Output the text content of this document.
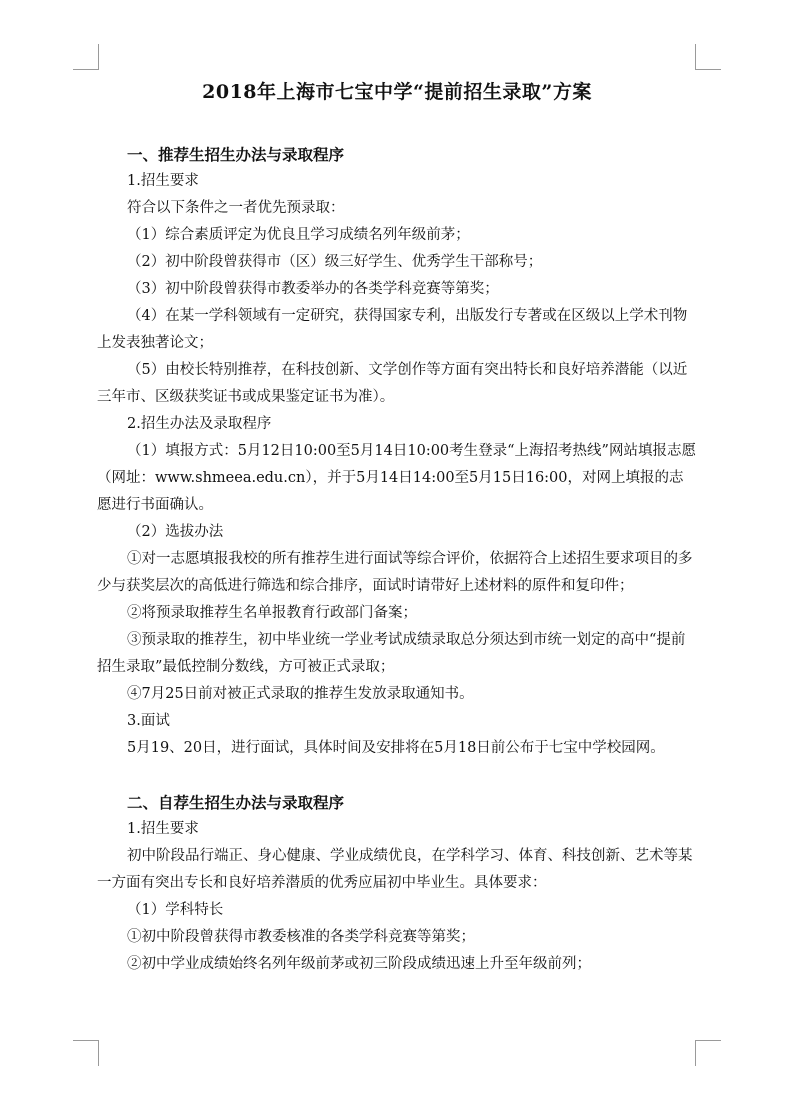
2018年上海市七宝中学“提前招生录取”方案
一、推荐生招生办法与录取程序

1.招生要求

符合以下条件之一者优先预录取：

（1）综合素质评定为优良且学习成绩名列年级前茅；

（2）初中阶段曾获得市（区）级三好学生、优秀学生干部称号；

（3）初中阶段曾获得市教委举办的各类学科竞赛等第奖；

（4）在某一学科领域有一定研究，获得国家专利，出版发行专著或在区级以上学术刊物上发表独著论文；

（5）由校长特别推荐，在科技创新、文学创作等方面有突出特长和良好培养潜能（以近三年市、区级获奖证书或成果鉴定证书为准）。

2.招生办法及录取程序

（1）填报方式：5月12日10:00至5月14日10:00考生登录“上海招考热线”网站填报志愿（网址：www.shmeea.edu.cn），并于5月14日14:00至5月15日16:00，对网上填报的志愿进行书面确认。

（2）选拔办法

①对一志愿填报我校的所有推荐生进行面试等综合评价，依据符合上述招生要求项目的多少与获奖层次的高低进行筛选和综合排序，面试时请带好上述材料的原件和复印件；

②将预录取推荐生名单报教育行政部门备案；

③预录取的推荐生，初中毕业统一学业考试成绩录取总分须达到市统一划定的高中“提前招生录取”最低控制分数线，方可被正式录取；

④7月25日前对被正式录取的推荐生发放录取通知书。

3.面试

5月19、20日，进行面试，具体时间及安排将在5月18日前公布于七宝中学校园网。

二、自荐生招生办法与录取程序

1.招生要求

初中阶段品行端正、身心健康、学业成绩优良，在学科学习、体育、科技创新、艺术等某一方面有突出专长和良好培养潜质的优秀应届初中毕业生。具体要求：

（1）学科特长

①初中阶段曾获得市教委核准的各类学科竞赛等第奖；

②初中学业成绩始终名列年级前茅或初三阶段成绩迅速上升至年级前列；
